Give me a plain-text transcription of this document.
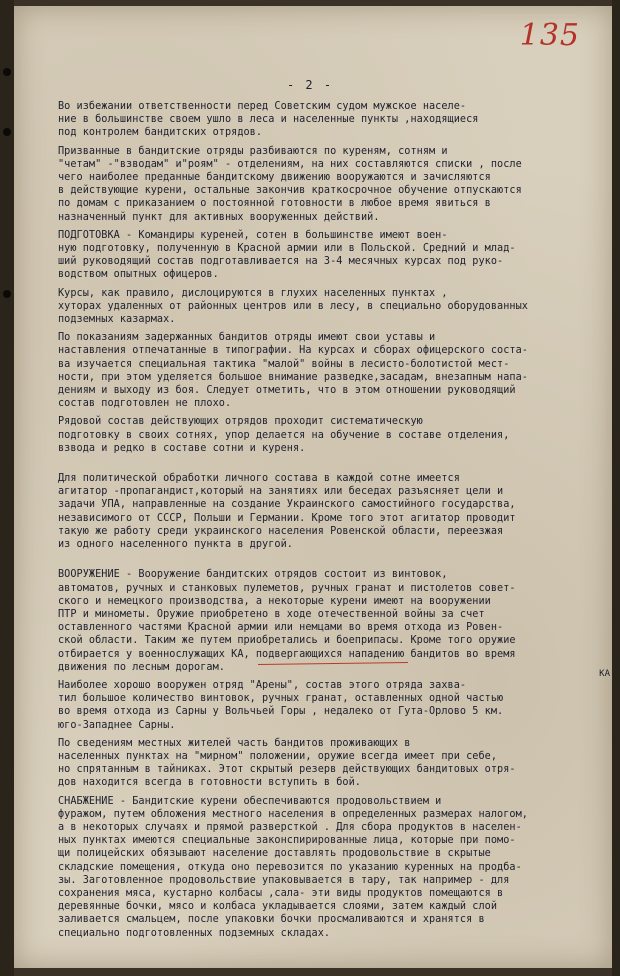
135
- 2 -

Во избежании ответственности перед Советским судом мужское населе-
ние в большинстве своем ушло в леса и населенные пункты ,находящиеся
под контролем бандитских отрядов.

Призванные в бандитские отряды разбиваются по куреням, сотням и
"четам" -"взводам" и"роям" - отделениям, на них составляются списки , после
чего наиболее преданные бандитскому движению вооружаются и зачисляются
в действующие курени, остальные закончив краткосрочное обучение отпускаются
по домам с приказанием о постоянной готовности в любое время явиться в
назначенный пункт для активных вооруженных действий.

ПОДГОТОВКА - Командиры куреней, сотен в большинстве имеют воен-
ную подготовку, полученную в Красной армии или в Польской. Средний и млад-
ший руководящий состав подготавливается на 3-4 месячных курсах под руко-
водством опытных офицеров.

Курсы, как правило, дислоцируются в глухих населенных пунктах ,
хуторах удаленных от районных центров или в лесу, в специально оборудованных
подземных казармах.

По показаниям задержанных бандитов отряды имеют свои уставы и
наставления отпечатанные в типографии. На курсах и сборах офицерского соста-
ва изучается специальная тактика "малой" войны в лесисто-болотистой мест-
ности, при этом уделяется большое внимание разведке,засадам, внезапным напа-
дениям и выходу из боя. Следует отметить, что в этом отношении руководящий
состав подготовлен не плохо.

Рядовой состав действующих отрядов проходит систематическую
подготовку в своих сотнях, упор делается на обучение в составе отделения,
взвода и редко в составе сотни и куреня.

Для политической обработки личного состава в каждой сотне имеется
агитатор -пропагандист,который на занятиях или беседах разъясняет цели и
задачи УПА, направленные на создание Украинского самостийного государства,
независимого от СССР, Польши и Германии. Кроме того этот агитатор проводит
такую же работу среди украинского населения Ровенской области, переезжая
из одного населенного пункта в другой.

ВООРУЖЕНИЕ - Вооружение бандитских отрядов состоит из винтовок,
автоматов, ручных и станковых пулеметов, ручных гранат и пистолетов совет-
ского и немецкого производства, а некоторые курени имеют на вооружении
ПТР и минометы. Оружие приобретено в ходе отечественной войны за счет
оставленного частями Красной армии или немцами во время отхода из Ровен-
ской области. Таким же путем приобретались и боеприпасы. Кроме того оружие
отбирается у военнослужащих КА, подвергающихся нападению бандитов во время
движения по лесным дорогам.

Наиболее хорошо вооружен отряд "Арены", состав этого отряда захва-
тил большое количество винтовок, ручных гранат, оставленных одной частью
во время отхода из Сарны у Вольчьей Горы , недалеко от Гута-Орлово 5 км.
юго-Западнее Сарны.

По сведениям местных жителей часть бандитов проживающих в
населенных пунктах на "мирном" положении, оружие всегда имеет при себе,
но спрятанным в тайниках. Этот скрытый резерв действующих бандитовых отря-
дов находится всегда в готовности вступить в бой.

СНАБЖЕНИЕ - Бандитские курени обеспечиваются продовольствием и
фуражом, путем обложения местного населения в определенных размерах налогом,
а в некоторых случаях и прямой разверсткой . Для сбора продуктов в населен-
ных пунктах имеются специальные законспирированные лица, которые при помо-
щи полицейских обязывают население доставлять продовольствие в скрытые
складские помещения, откуда оно перевозится по указанию куренных на продба-
зы. Заготовленное продовольствие упаковывается в тару, так например - для
сохранения мяса, кустарно колбасы ,сала- эти виды продуктов помещаются в
деревянные бочки, мясо и колбаса укладывается слоями, затем каждый слой
заливается смальцем, после упаковки бочки просмаливаются и хранятся в
специально подготовленных подземных складах.

КА
